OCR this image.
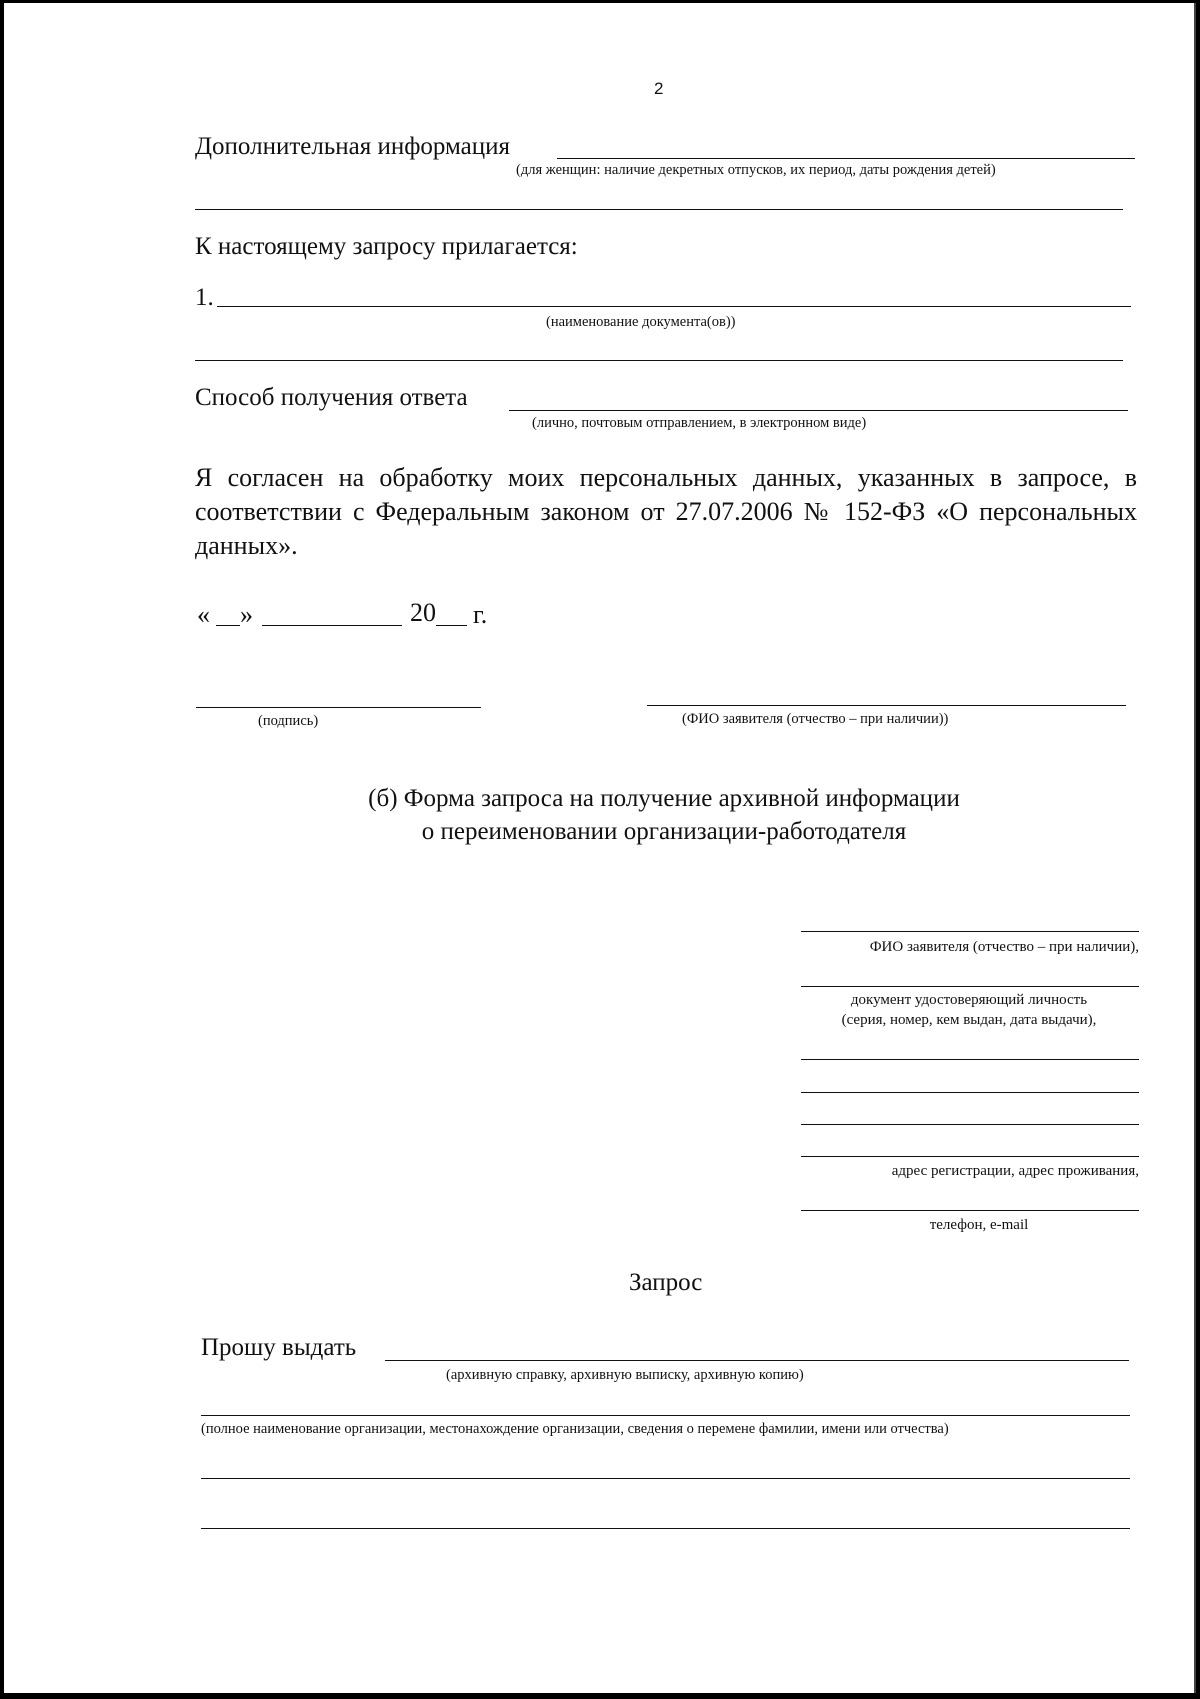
2
Дополнительная информация
(для женщин: наличие декретных отпусков, их период, даты рождения детей)
К настоящему запросу прилагается:
1.
(наименование документа(ов))
Способ получения ответа
(лично, почтовым отправлением, в электронном виде)
Я согласен на обработку моих персональных данных, указанных в запросе, в соответствии с Федеральным законом от 27.07.2006 № 152-ФЗ «О персональных данных».
« »	20 г.
(подпись)	(ФИО заявителя (отчество – при наличии))
(б) Форма запроса на получение архивной информации
о переименовании организации-работодателя
ФИО заявителя (отчество – при наличии),
документ удостоверяющий личность
(серия, номер, кем выдан, дата выдачи),
адрес регистрации, адрес проживания,
телефон, e-mail
Запрос
Прошу выдать
(архивную справку, архивную выписку, архивную копию)
(полное наименование организации, местонахождение организации, сведения о перемене фамилии, имени или отчества)
